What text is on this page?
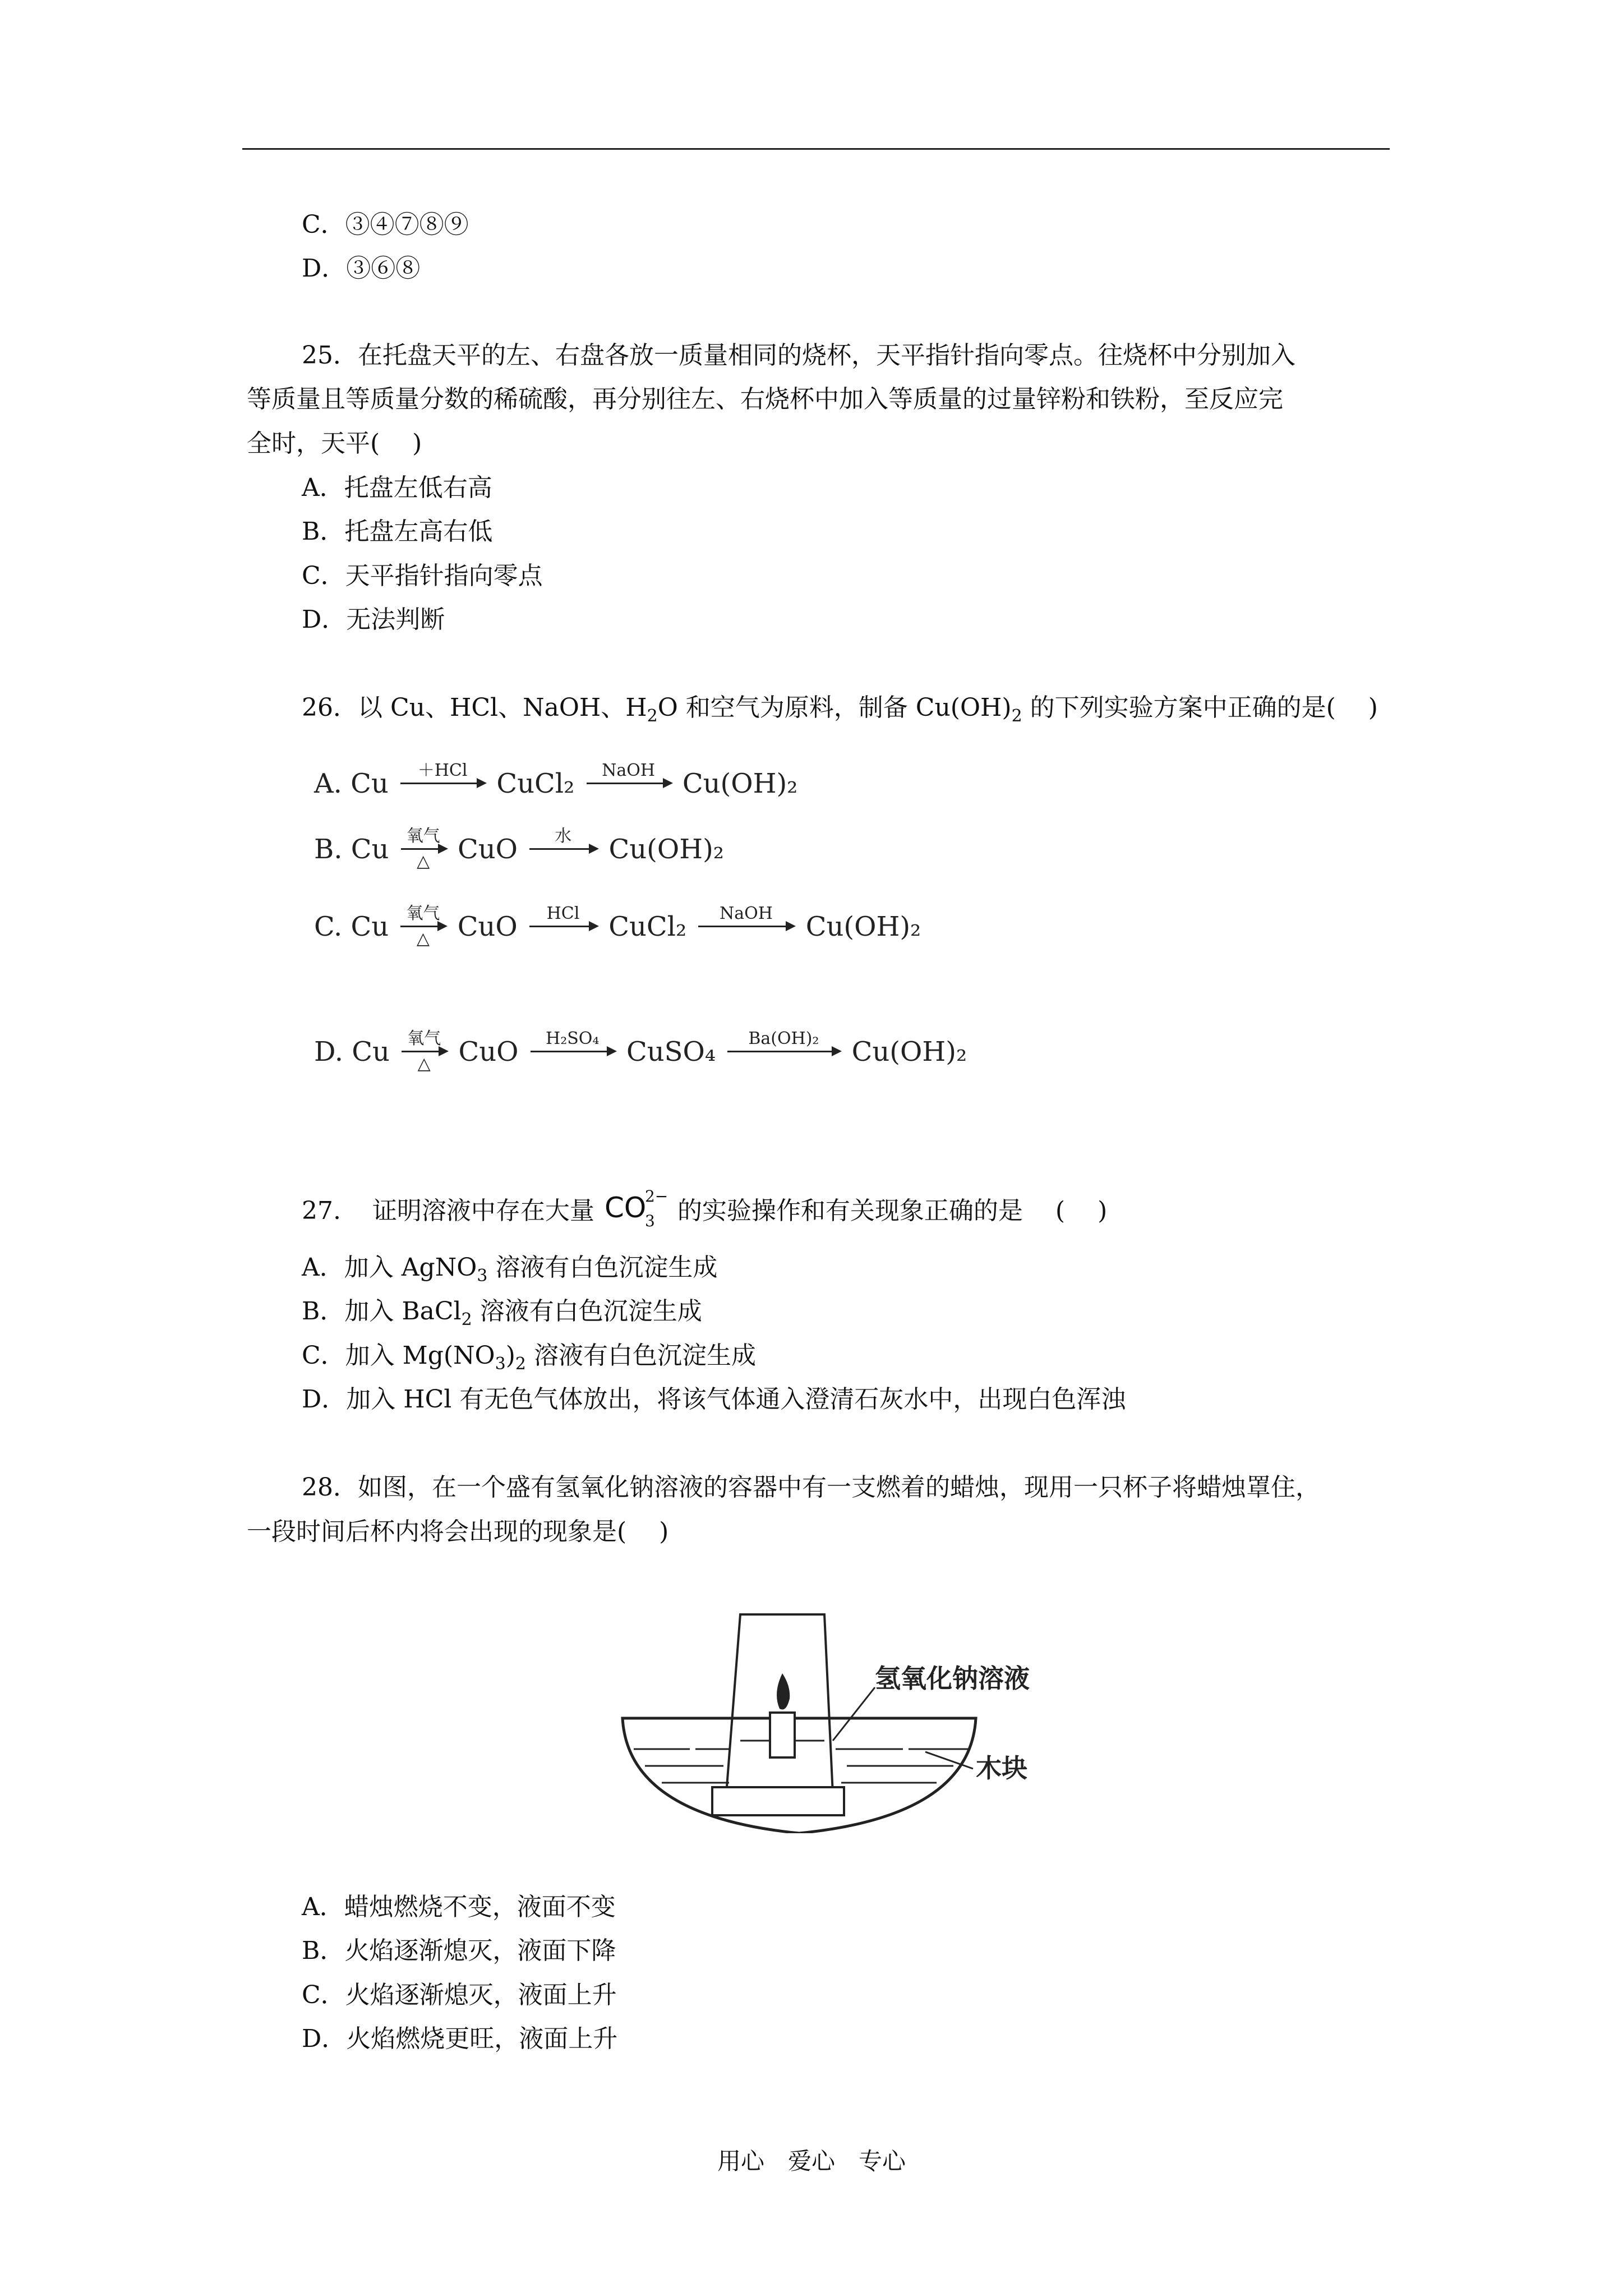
C．③④⑦⑧⑨
D．③⑥⑧
25．在托盘天平的左、右盘各放一质量相同的烧杯，天平指针指向零点。往烧杯中分别加入
等质量且等质量分数的稀硫酸，再分别往左、右烧杯中加入等质量的过量锌粉和铁粉，至反应完
全时，天平(　 )
A．托盘左低右高
B．托盘左高右低
C．天平指针指向零点
D．无法判断
26．以 Cu、HCl、NaOH、$H_2O$ 和空气为原料，制备 $Cu(OH)_2$ 的下列实验方案中正确的是(　 )
A. Cu	＋HCl	CuCl₂	NaOH	Cu(OH)₂
B. Cu	氧气
△	CuO	水	Cu(OH)₂
C. Cu	氧气
△	CuO	HCl	CuCl₂	NaOH	Cu(OH)₂
D. Cu	氧气
△	CuO	H₂SO₄	CuSO₄	Ba(OH)₂	Cu(OH)₂
27. 证明溶液中存在大量 CO
2−
3 的实验操作和有关现象正确的是　 (　 )
A．加入 AgNO$_3$ 溶液有白色沉淀生成
B．加入 BaCl$_2$ 溶液有白色沉淀生成
C．加入 $Mg(NO_3)_2$ 溶液有白色沉淀生成
D．加入 HCl 有无色气体放出，将该气体通入澄清石灰水中，出现白色浑浊
28．如图，在一个盛有氢氧化钠溶液的容器中有一支燃着的蜡烛，现用一只杯子将蜡烛罩住，
一段时间后杯内将会出现的现象是(　 )
氢氧化钠溶液
木块
A．蜡烛燃烧不变，液面不变
B．火焰逐渐熄灭，液面下降
C．火焰逐渐熄灭，液面上升
D．火焰燃烧更旺，液面上升
用心　爱心　专心
